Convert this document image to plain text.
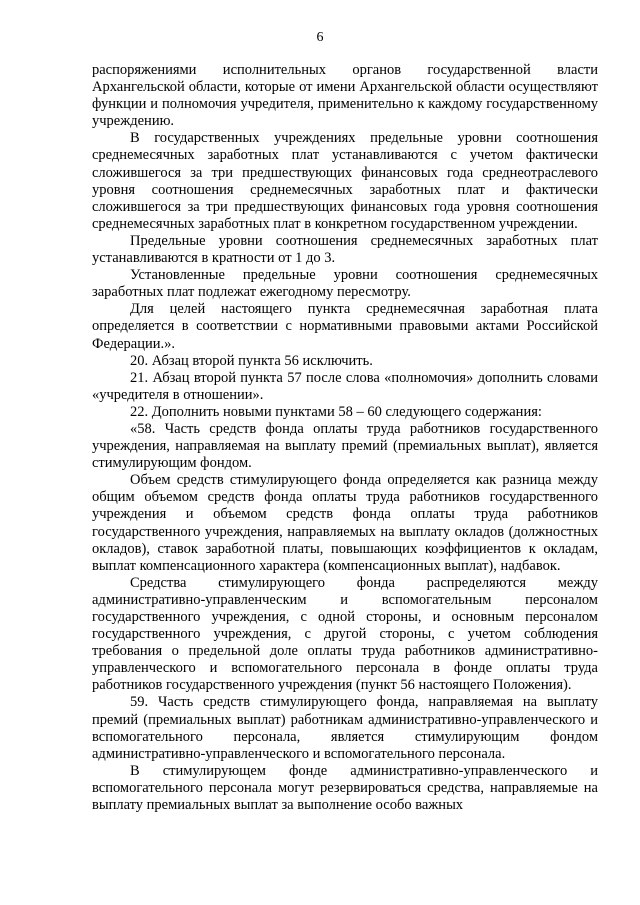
6

распоряжениями исполнительных органов государственной власти Архангельской области, которые от имени Архангельской области осуществляют функции и полномочия учредителя, применительно к каждому государственному учреждению.

В государственных учреждениях предельные уровни соотношения среднемесячных заработных плат устанавливаются с учетом фактически сложившегося за три предшествующих финансовых года среднеотраслевого уровня соотношения среднемесячных заработных плат и фактически сложившегося за три предшествующих финансовых года уровня соотношения среднемесячных заработных плат в конкретном государственном учреждении.

Предельные уровни соотношения среднемесячных заработных плат устанавливаются в кратности от 1 до 3.

Установленные предельные уровни соотношения среднемесячных заработных плат подлежат ежегодному пересмотру.

Для целей настоящего пункта среднемесячная заработная плата определяется в соответствии с нормативными правовыми актами Российской Федерации.».

20. Абзац второй пункта 56 исключить.

21. Абзац второй пункта 57 после слова «полномочия» дополнить словами «учредителя в отношении».

22. Дополнить новыми пунктами 58 – 60 следующего содержания:

«58. Часть средств фонда оплаты труда работников государственного учреждения, направляемая на выплату премий (премиальных выплат), является стимулирующим фондом.

Объем средств стимулирующего фонда определяется как разница между общим объемом средств фонда оплаты труда работников государственного учреждения и объемом средств фонда оплаты труда работников государственного учреждения, направляемых на выплату окладов (должностных окладов), ставок заработной платы, повышающих коэффициентов к окладам, выплат компенсационного характера (компенсационных выплат), надбавок.

Средства стимулирующего фонда распределяются между административно-управленческим и вспомогательным персоналом государственного учреждения, с одной стороны, и основным персоналом государственного учреждения, с другой стороны, с учетом соблюдения требования о предельной доле оплаты труда работников административно-управленческого и вспомогательного персонала в фонде оплаты труда работников государственного учреждения (пункт 56 настоящего Положения).

59. Часть средств стимулирующего фонда, направляемая на выплату премий (премиальных выплат) работникам административно-управленческого и вспомогательного персонала, является стимулирующим фондом административно-управленческого и вспомогательного персонала.

В стимулирующем фонде административно-управленческого и вспомогательного персонала могут резервироваться средства, направляемые на выплату премиальных выплат за выполнение особо важных
